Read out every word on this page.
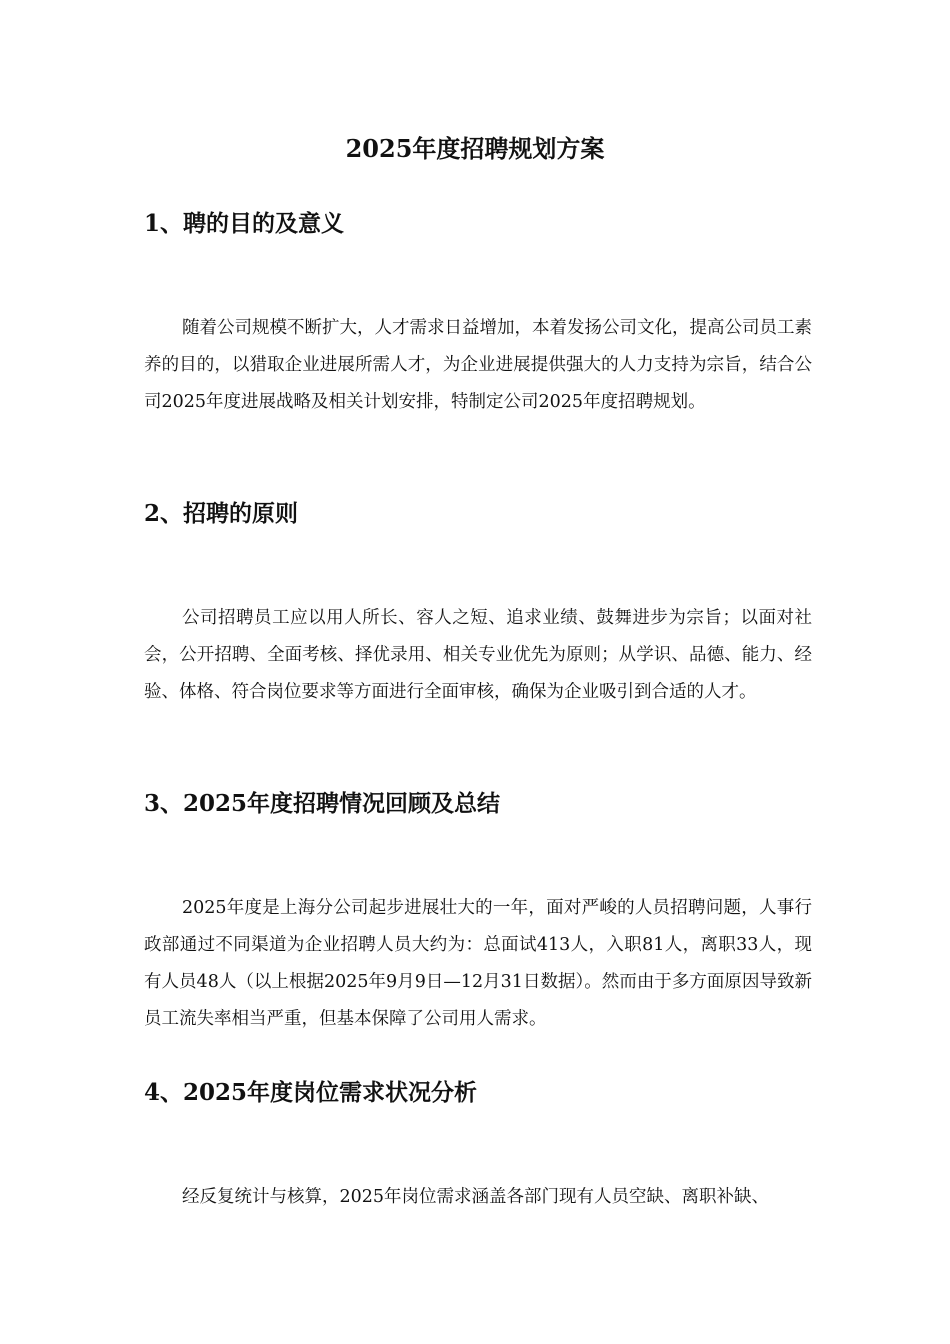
2025年度招聘规划方案
1、聘的目的及意义

随着公司规模不断扩大，人才需求日益增加，本着发扬公司文化，提高公司员工素养的目的，以猎取企业进展所需人才，为企业进展提供强大的人力支持为宗旨，结合公司2025年度进展战略及相关计划安排，特制定公司2025年度招聘规划。

2、招聘的原则

公司招聘员工应以用人所长、容人之短、追求业绩、鼓舞进步为宗旨；以面对社会，公开招聘、全面考核、择优录用、相关专业优先为原则；从学识、品德、能力、经验、体格、符合岗位要求等方面进行全面审核，确保为企业吸引到合适的人才。

3、2025年度招聘情况回顾及总结

2025年度是上海分公司起步进展壮大的一年，面对严峻的人员招聘问题，人事行政部通过不同渠道为企业招聘人员大约为：总面试413人，入职81人，离职33人，现有人员48人（以上根据2025年9月9日—12月31日数据）。然而由于多方面原因导致新员工流失率相当严重，但基本保障了公司用人需求。

4、2025年度岗位需求状况分析

经反复统计与核算，2025年岗位需求涵盖各部门现有人员空缺、离职补缺、
